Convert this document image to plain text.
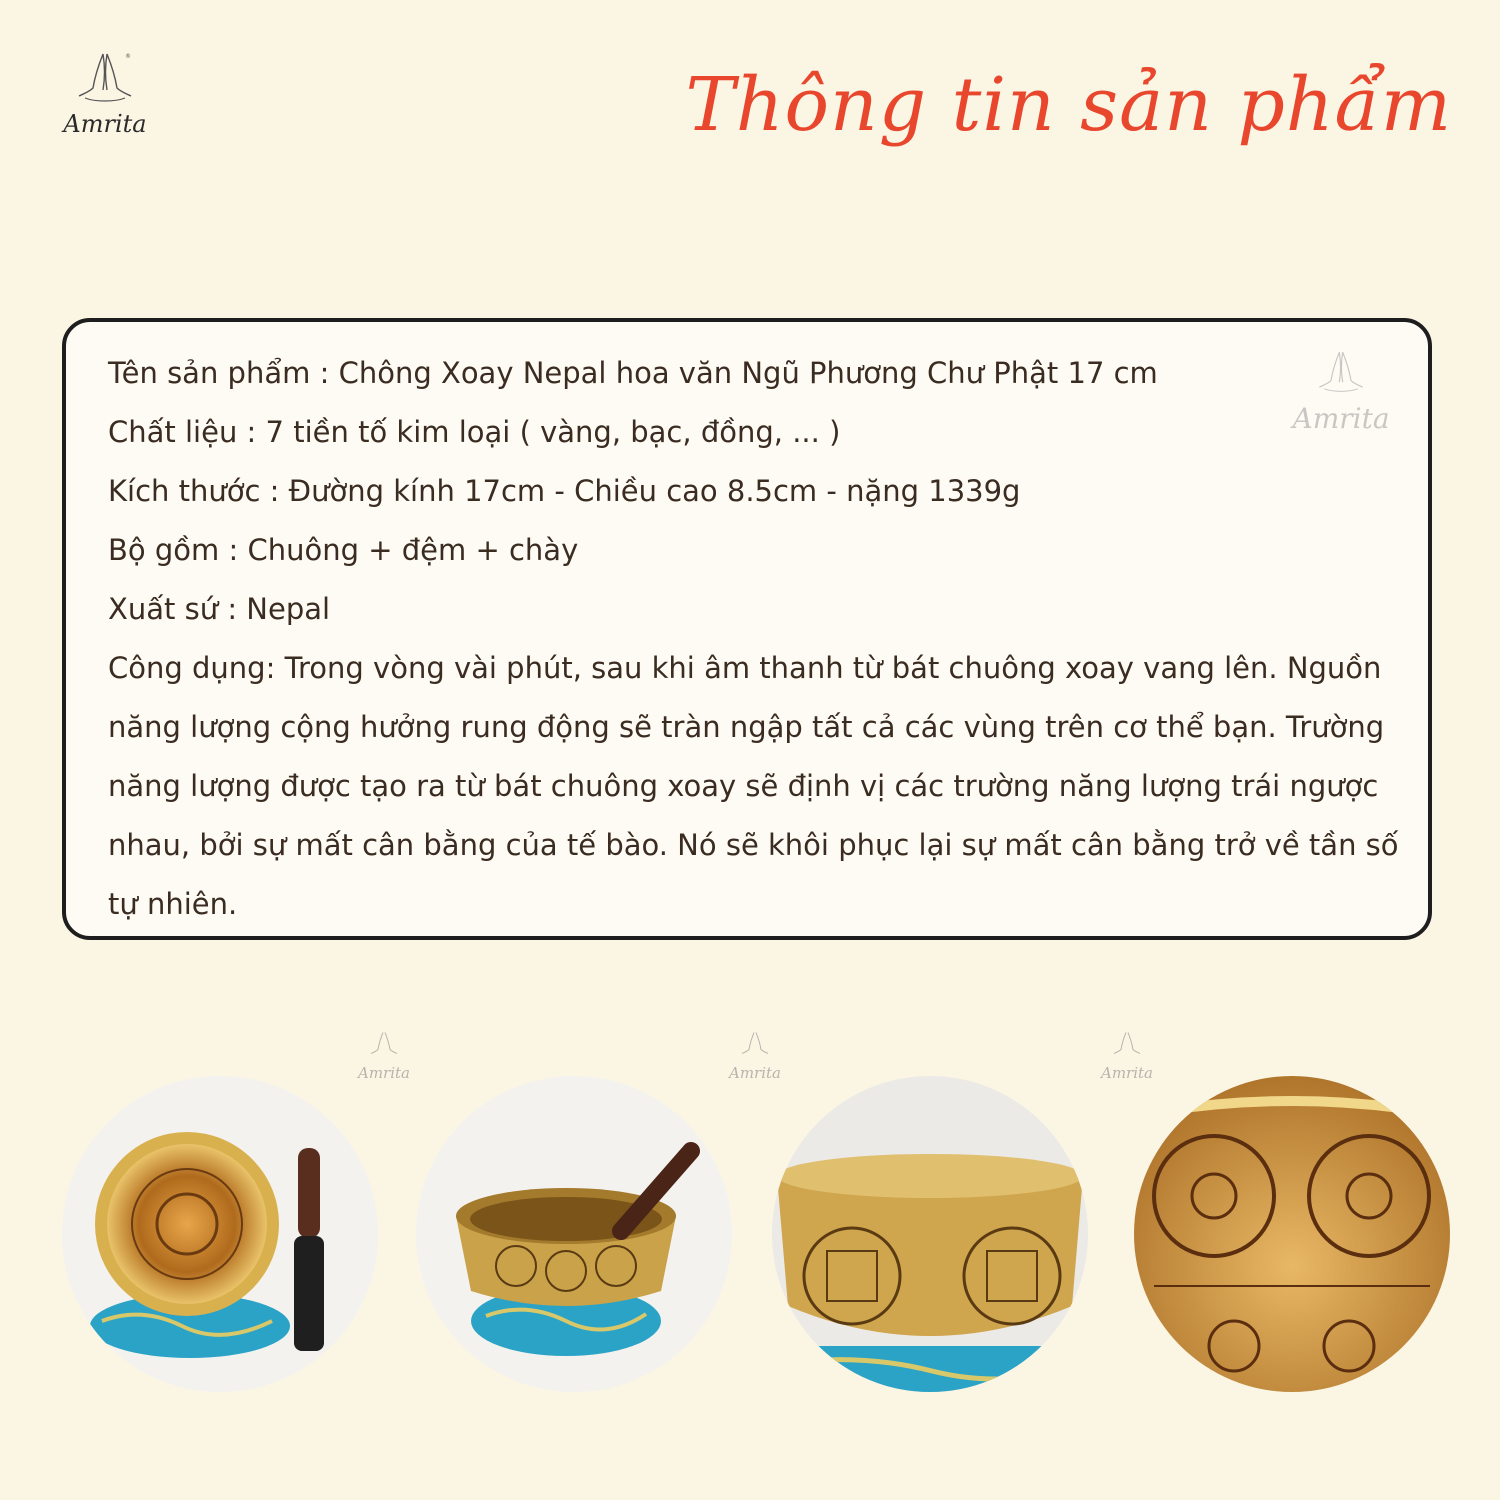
®
Amrita	Thông tin sản phẩm
Amrita
Tên sản phẩm : Chông Xoay Nepal hoa văn Ngũ Phương Chư Phật 17 cm
Chất liệu : 7 tiền tố kim loại ( vàng, bạc, đồng, ... )
Kích thước : Đường kính 17cm - Chiều cao 8.5cm - nặng 1339g
Bộ gồm : Chuông + đệm + chày
Xuất sứ : Nepal
Công dụng: Trong vòng vài phút, sau khi âm thanh từ bát chuông xoay vang lên. Nguồn năng lượng cộng hưởng rung động sẽ tràn ngập tất cả các vùng trên cơ thể bạn. Trường năng lượng được tạo ra từ bát chuông xoay sẽ định vị các trường năng lượng trái ngược nhau, bởi sự mất cân bằng của tế bào. Nó sẽ khôi phục lại sự mất cân bằng trở về tần số tự nhiên.
Amrita	Amrita	Amrita
